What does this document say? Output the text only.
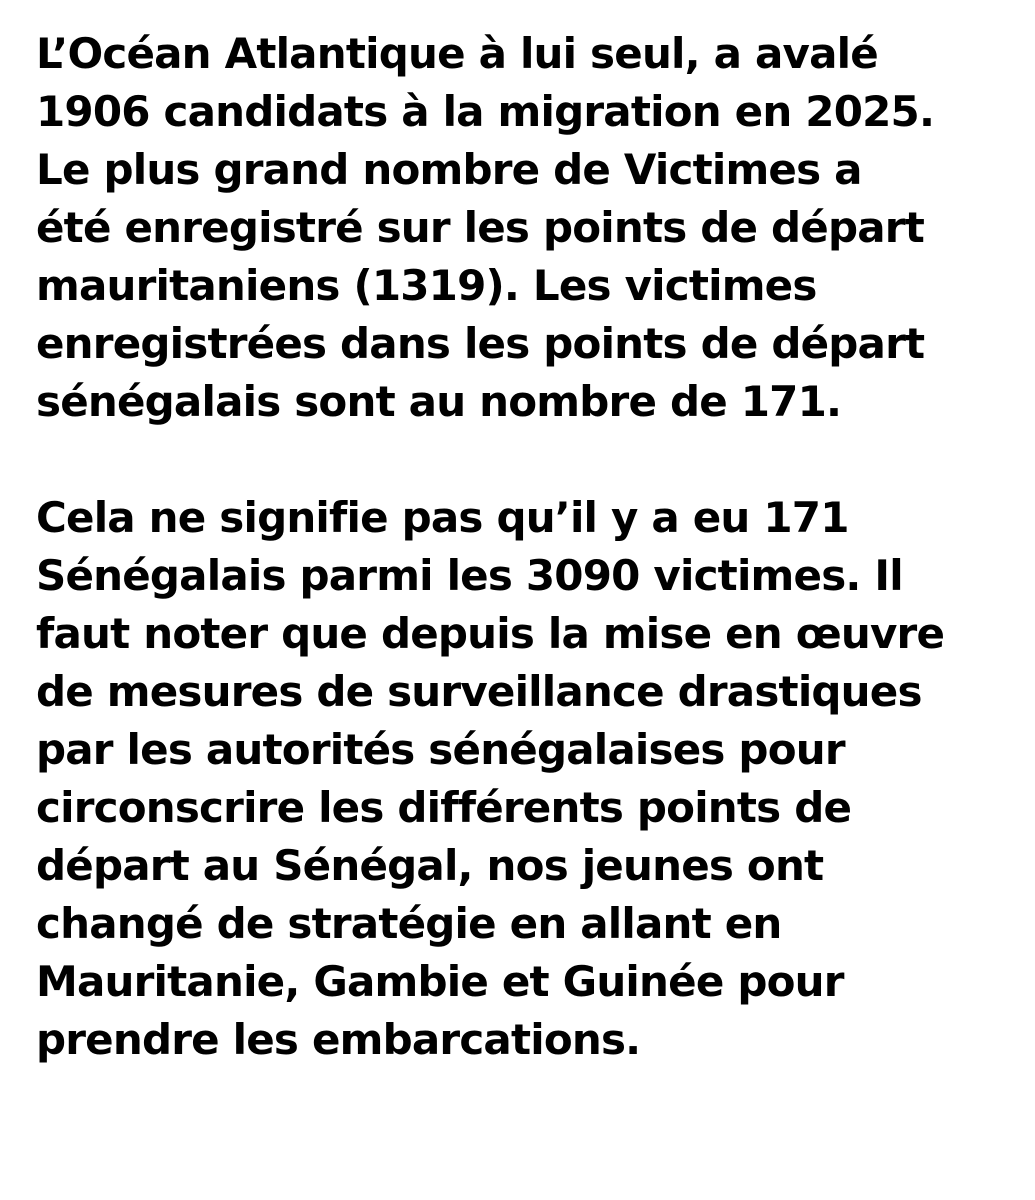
L’Océan Atlantique à lui seul, a avalé
1906 candidats à la migration en 2025.
Le plus grand nombre de Victimes a
été enregistré sur les points de départ
mauritaniens (1319). Les victimes
enregistrées dans les points de départ
sénégalais sont au nombre de 171.
Cela ne signifie pas qu’il y a eu 171
Sénégalais parmi les 3090 victimes. Il
faut noter que depuis la mise en œuvre
de mesures de surveillance drastiques
par les autorités sénégalaises pour
circonscrire les différents points de
départ au Sénégal, nos jeunes ont
changé de stratégie en allant en
Mauritanie, Gambie et Guinée pour
prendre les embarcations.
